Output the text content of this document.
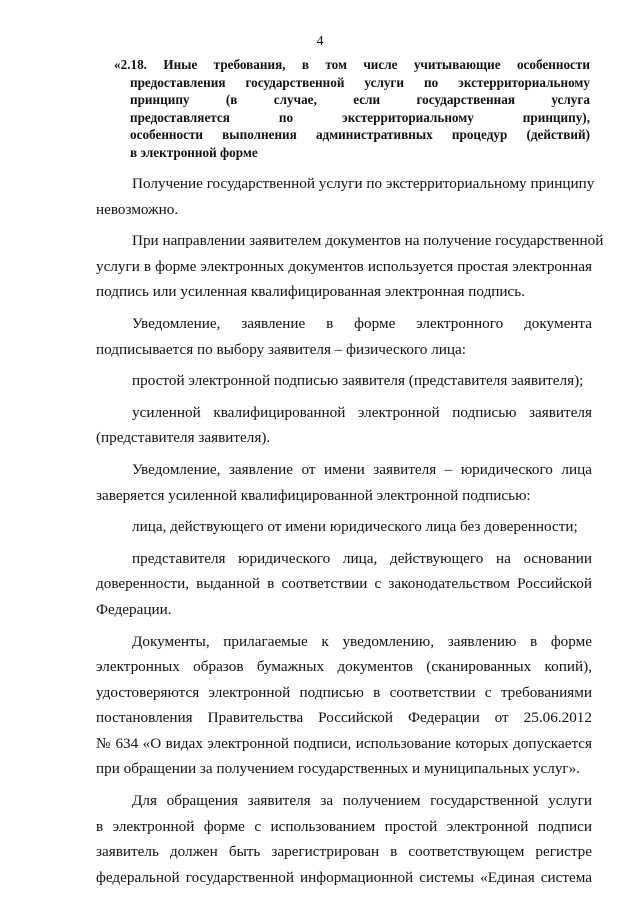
4
«2.18. Иные требования, в том числе учитывающие особенности
предоставления государственной услуги по экстерриториальному
принципу (в случае, если государственная услуга
предоставляется по экстерриториальному принципу),
особенности выполнения административных процедур (действий)
в электронной форме
Получение государственной услуги по экстерриториальному принципу
невозможно.
При направлении заявителем документов на получение государственной
услуги в форме электронных документов используется простая электронная
подпись или усиленная квалифицированная электронная подпись.
Уведомление, заявление в форме электронного документа
подписывается по выбору заявителя – физического лица:
простой электронной подписью заявителя (представителя заявителя);
усиленной квалифицированной электронной подписью заявителя
(представителя заявителя).
Уведомление, заявление от имени заявителя – юридического лица
заверяется усиленной квалифицированной электронной подписью:
лица, действующего от имени юридического лица без доверенности;
представителя юридического лица, действующего на основании
доверенности, выданной в соответствии с законодательством Российской
Федерации.
Документы, прилагаемые к уведомлению, заявлению в форме
электронных образов бумажных документов (сканированных копий),
удостоверяются электронной подписью в соответствии с требованиями
постановления Правительства Российской Федерации от 25.06.2012
№ 634 «О видах электронной подписи, использование которых допускается
при обращении за получением государственных и муниципальных услуг».
Для обращения заявителя за получением государственной услуги
в электронной форме с использованием простой электронной подписи
заявитель должен быть зарегистрирован в соответствующем регистре
федеральной государственной информационной системы «Единая система
